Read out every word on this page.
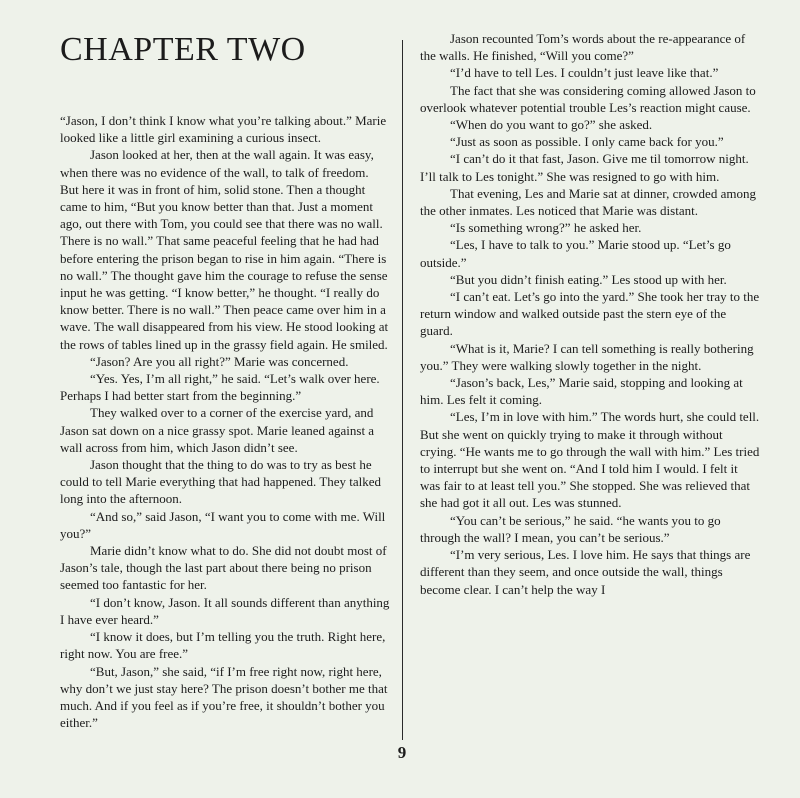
CHAPTER TWO

“Jason, I don’t think I know what you’re talking about.” Marie looked like a little girl examining a curious insect.

Jason looked at her, then at the wall again. It was easy, when there was no evidence of the wall, to talk of freedom. But here it was in front of him, solid stone. Then a thought came to him, “But you know better than that. Just a moment ago, out there with Tom, you could see that there was no wall. There is no wall.” That same peaceful feeling that he had had before entering the prison began to rise in him again. “There is no wall.” The thought gave him the courage to refuse the sense input he was getting. “I know better,” he thought. “I really do know better. There is no wall.” Then peace came over him in a wave. The wall disappeared from his view. He stood looking at the rows of tables lined up in the grassy field again. He smiled.

“Jason? Are you all right?” Marie was concerned.

“Yes. Yes, I’m all right,” he said. “Let’s walk over here. Perhaps I had better start from the beginning.”

They walked over to a corner of the exercise yard, and Jason sat down on a nice grassy spot. Marie leaned against a wall across from him, which Jason didn’t see.

Jason thought that the thing to do was to try as best he could to tell Marie everything that had happened. They talked long into the afternoon.

“And so,” said Jason, “I want you to come with me. Will you?”

Marie didn’t know what to do. She did not doubt most of Jason’s tale, though the last part about there being no prison seemed too fantastic for her.

“I don’t know, Jason. It all sounds different than anything I have ever heard.”

“I know it does, but I’m telling you the truth. Right here, right now. You are free.”

“But, Jason,” she said, “if I’m free right now, right here, why don’t we just stay here? The prison doesn’t bother me that much. And if you feel as if you’re free, it shouldn’t bother you either.”

Jason recounted Tom’s words about the re-appearance of the walls. He finished, “Will you come?”

“I’d have to tell Les. I couldn’t just leave like that.”

The fact that she was considering coming allowed Jason to overlook whatever potential trouble Les’s reaction might cause.

“When do you want to go?” she asked.

“Just as soon as possible. I only came back for you.”

“I can’t do it that fast, Jason. Give me til tomorrow night. I’ll talk to Les tonight.” She was resigned to go with him.

That evening, Les and Marie sat at dinner, crowded among the other inmates. Les noticed that Marie was distant.

“Is something wrong?” he asked her.

“Les, I have to talk to you.” Marie stood up. “Let’s go outside.”

“But you didn’t finish eating.” Les stood up with her.

“I can’t eat. Let’s go into the yard.” She took her tray to the return window and walked outside past the stern eye of the guard.

“What is it, Marie? I can tell something is really bothering you.” They were walking slowly together in the night.

“Jason’s back, Les,” Marie said, stopping and looking at him. Les felt it coming.

“Les, I’m in love with him.” The words hurt, she could tell. But she went on quickly trying to make it through without crying. “He wants me to go through the wall with him.” Les tried to interrupt but she went on. “And I told him I would. I felt it was fair to at least tell you.” She stopped. She was relieved that she had got it all out. Les was stunned.

“You can’t be serious,” he said. “he wants you to go through the wall? I mean, you can’t be serious.”

“I’m very serious, Les. I love him. He says that things are different than they seem, and once outside the wall, things become clear. I can’t help the way I

9
